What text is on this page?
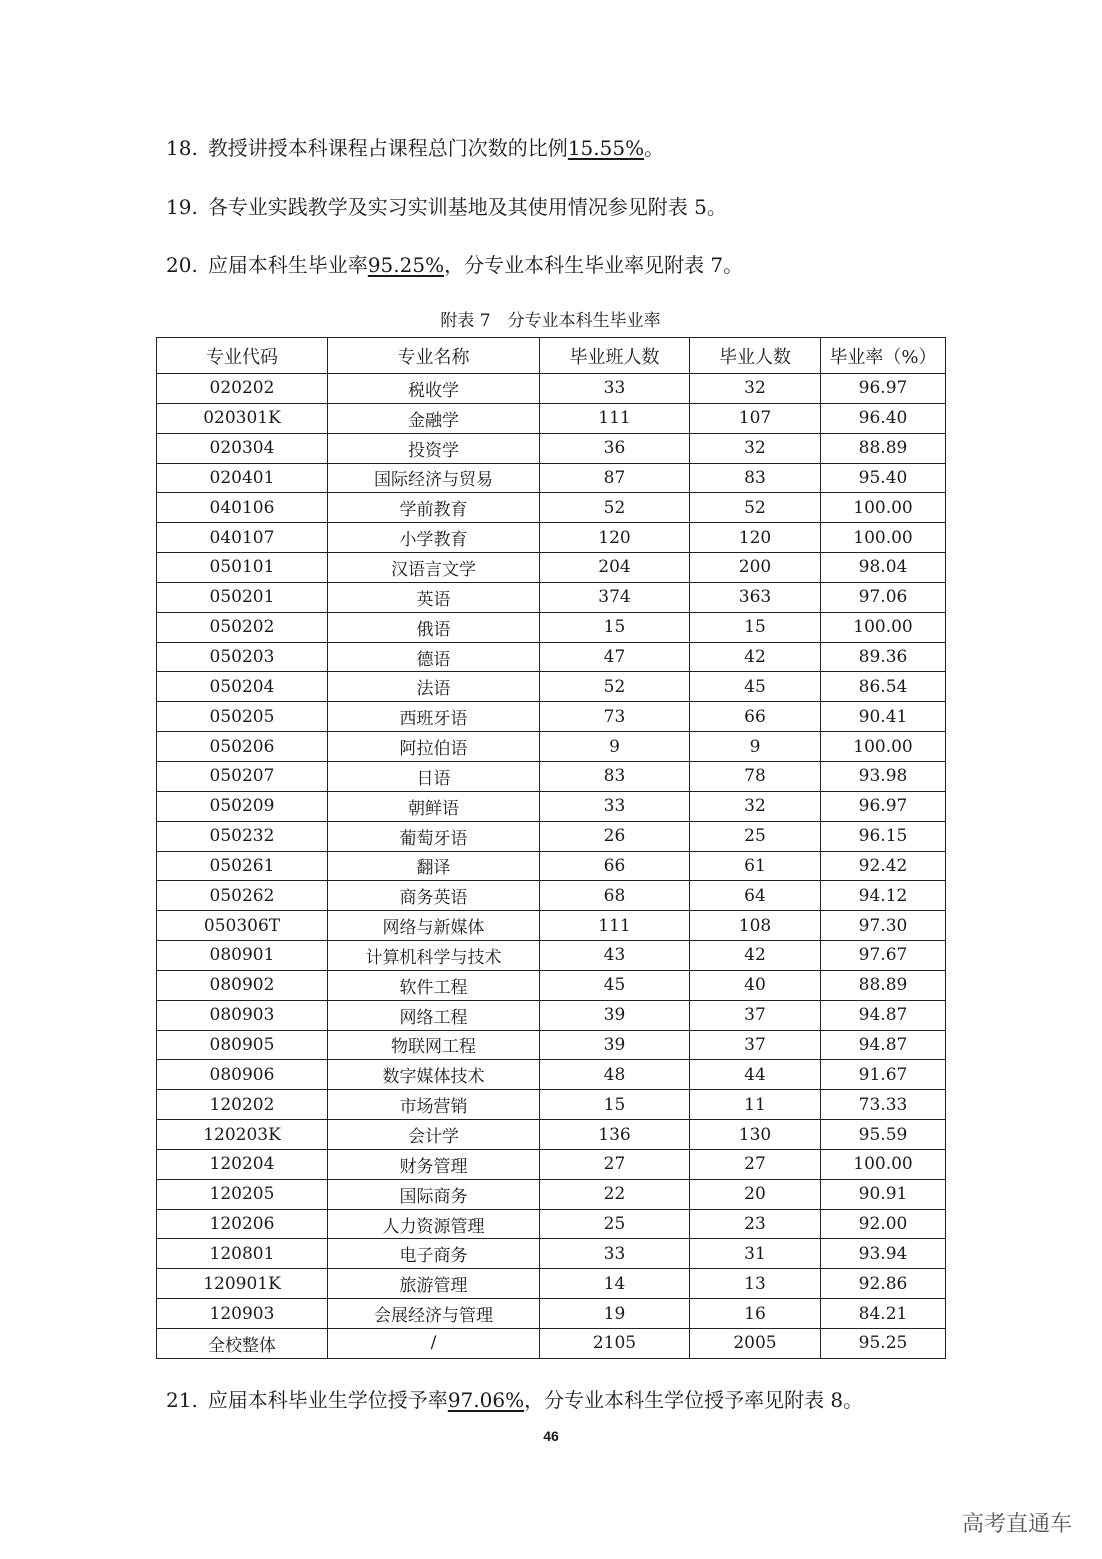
18. 教授讲授本科课程占课程总门次数的比例15.55%。
19. 各专业实践教学及实习实训基地及其使用情况参见附表 5。
20. 应届本科生毕业率95.25%，分专业本科生毕业率见附表 7。
附表 7　分专业本科生毕业率
专业代码	专业名称	毕业班人数	毕业人数	毕业率（%）
020202	税收学	33	32	96.97
020301K	金融学	111	107	96.40
020304	投资学	36	32	88.89
020401	国际经济与贸易	87	83	95.40
040106	学前教育	52	52	100.00
040107	小学教育	120	120	100.00
050101	汉语言文学	204	200	98.04
050201	英语	374	363	97.06
050202	俄语	15	15	100.00
050203	德语	47	42	89.36
050204	法语	52	45	86.54
050205	西班牙语	73	66	90.41
050206	阿拉伯语	9	9	100.00
050207	日语	83	78	93.98
050209	朝鲜语	33	32	96.97
050232	葡萄牙语	26	25	96.15
050261	翻译	66	61	92.42
050262	商务英语	68	64	94.12
050306T	网络与新媒体	111	108	97.30
080901	计算机科学与技术	43	42	97.67
080902	软件工程	45	40	88.89
080903	网络工程	39	37	94.87
080905	物联网工程	39	37	94.87
080906	数字媒体技术	48	44	91.67
120202	市场营销	15	11	73.33
120203K	会计学	136	130	95.59
120204	财务管理	27	27	100.00
120205	国际商务	22	20	90.91
120206	人力资源管理	25	23	92.00
120801	电子商务	33	31	93.94
120901K	旅游管理	14	13	92.86
120903	会展经济与管理	19	16	84.21
全校整体	/	2105	2005	95.25
21. 应届本科毕业生学位授予率97.06%，分专业本科生学位授予率见附表 8。
46
高考直通车
